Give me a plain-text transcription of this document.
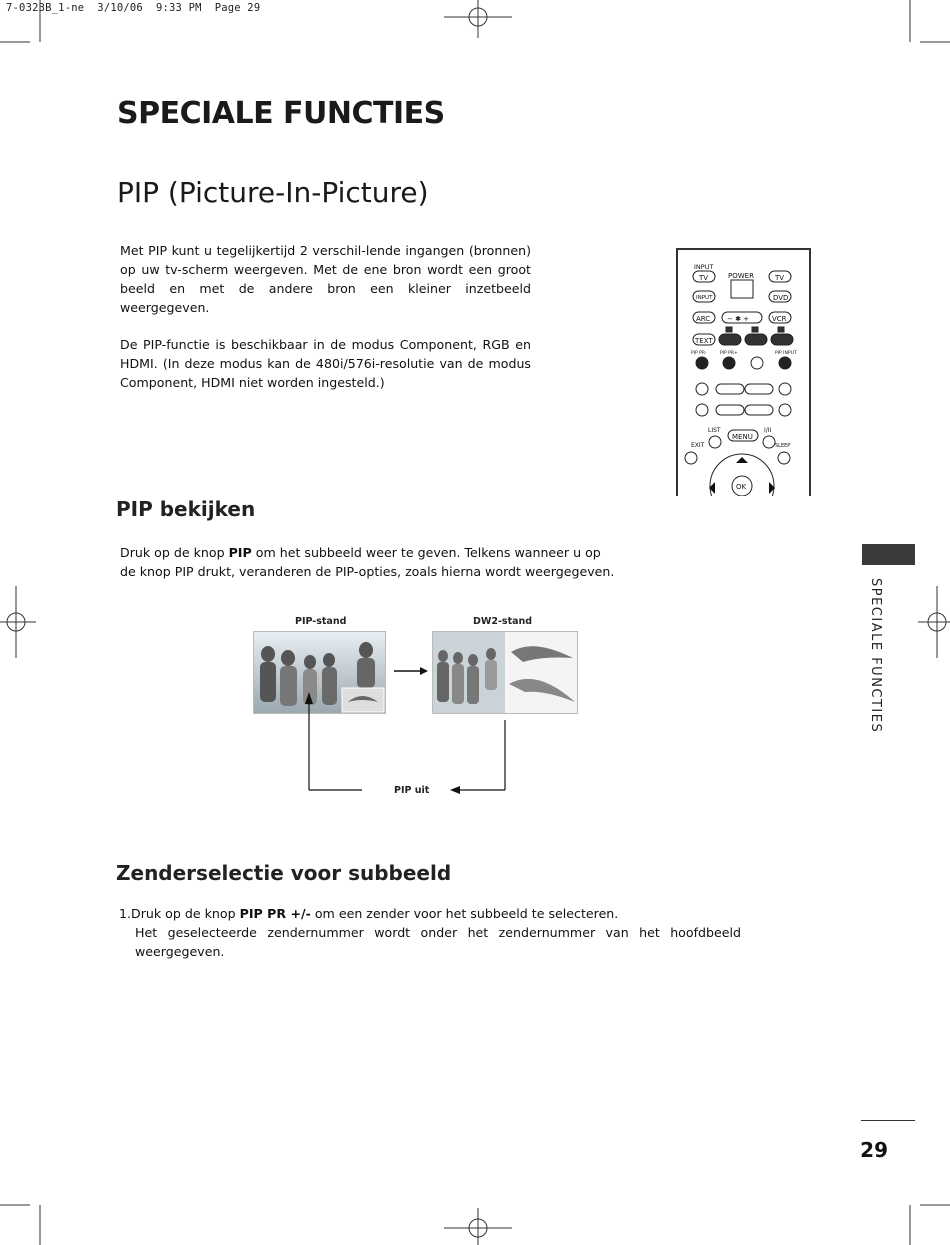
7-0323B_1-ne  3/10/06  9:33 PM  Page 29
SPECIALE FUNCTIES
PIP (Picture-In-Picture)
Met PIP kunt u tegelijkertijd 2 verschil-lende ingangen (bronnen) op uw tv-scherm weergeven. Met de ene bron wordt een groot beeld en met de andere bron een kleiner inzetbeeld weergegeven.
De PIP-functie is beschikbaar in de modus Component, RGB en HDMI. (In deze modus kan de 480i/576i-resolutie van de modus Component, HDMI niet worden ingesteld.)
INPUT
TV	POWER	TV
INPUT	DVD
ARC − ✱ +	VCR
TEXT
PIP PR-	PIP PR+	PIP INPUT
LIST
MENU
I/II
EXIT	SLEEP
OK
PIP bekijken
Druk op de knop PIP om het subbeeld weer te geven. Telkens wanneer u op de knop PIP drukt, veranderen de PIP-opties, zoals hierna wordt weergegeven.
PIP-stand	DW2-stand
PIP uit
Zenderselectie voor subbeeld
1.Druk op de knop PIP PR +/- om een zender voor het subbeeld te selecteren.
Het geselecteerde zendernummer wordt onder het zendernummer van het hoofdbeeld weergegeven.
SPECIALE FUNCTIES
29
